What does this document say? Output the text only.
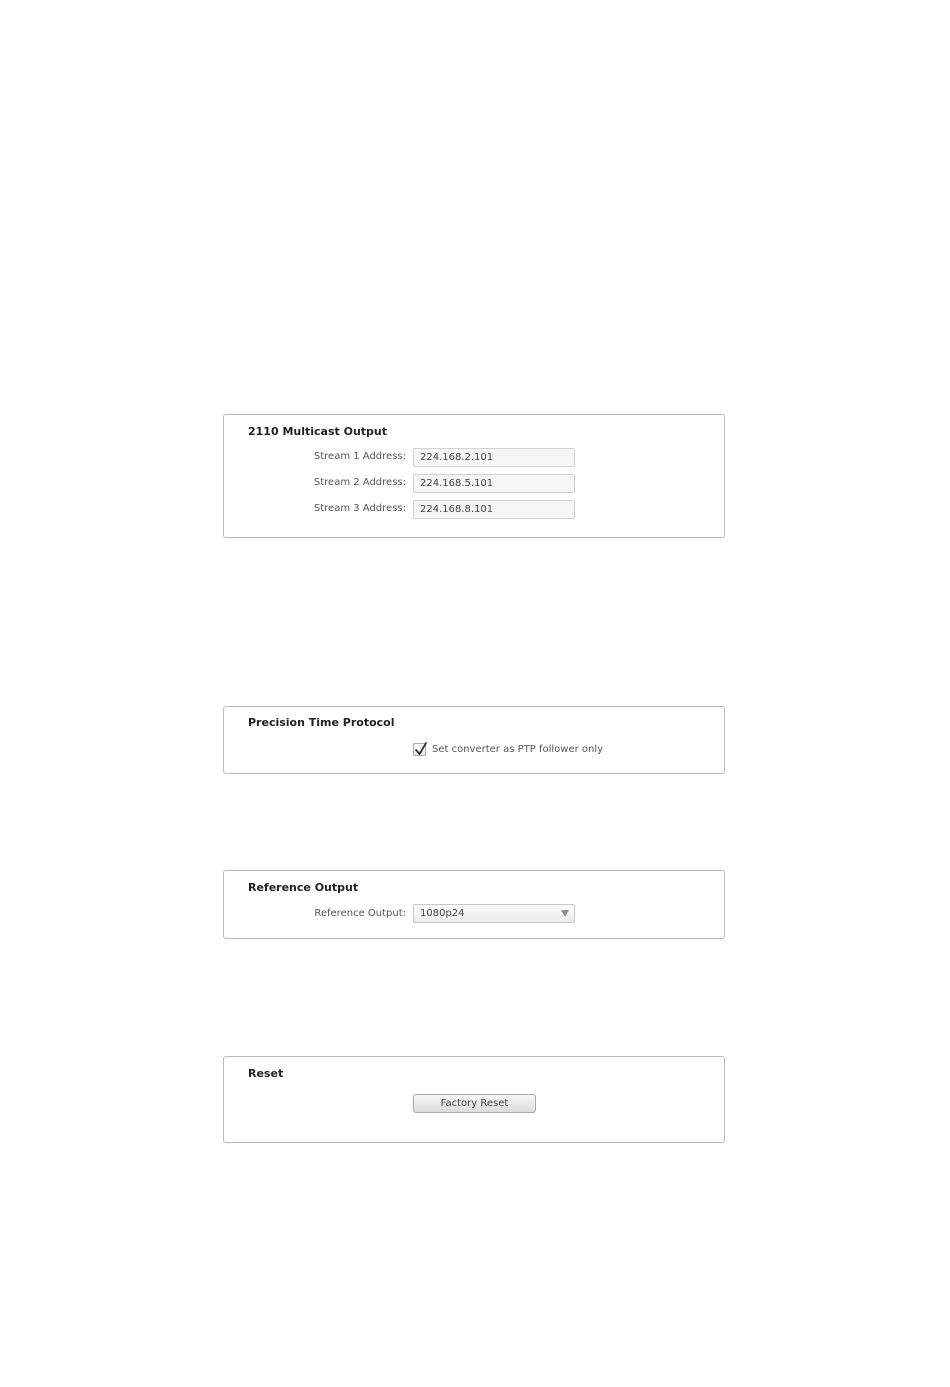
2110 Multicast Output
Stream 1 Address:	224.168.2.101
Stream 2 Address:	224.168.5.101
Stream 3 Address:	224.168.8.101
Precision Time Protocol
Set converter as PTP follower only
Reference Output
Reference Output:	1080p24
Reset
Factory Reset
